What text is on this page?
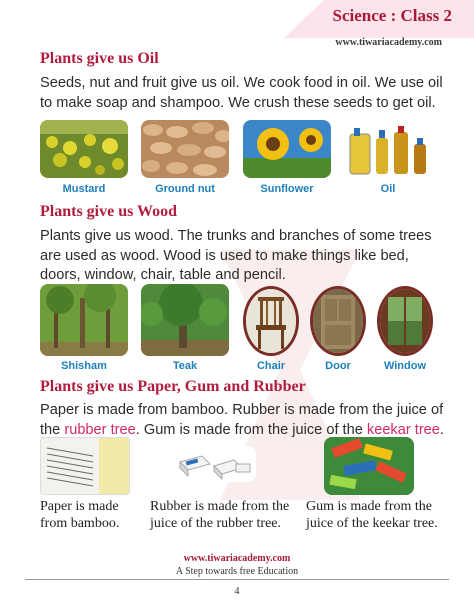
Science : Class 2
www.tiwariacademy.com
Plants give us Oil
Seeds, nut and fruit give us oil. We cook food in oil. We use oil to make soap and shampoo. We crush these seeds to get oil.
Mustard	Ground nut	Sunflower	Oil
Plants give us Wood
Plants give us wood. The trunks and branches of some trees are used as wood. Wood is used to make things like bed, doors, window, chair, table and pencil.
Shisham	Teak	Chair	Door	Window
Plants give us Paper, Gum and Rubber
Paper is made from bamboo. Rubber is made from the juice of
the rubber tree. Gum is made from the juice of the keekar tree.
Paper is made
from bamboo.
Rubber is made from the
juice of the rubber tree.
Gum is made from the
juice of the keekar tree.
www.tiwariacademy.com
A Step towards free Education
4
